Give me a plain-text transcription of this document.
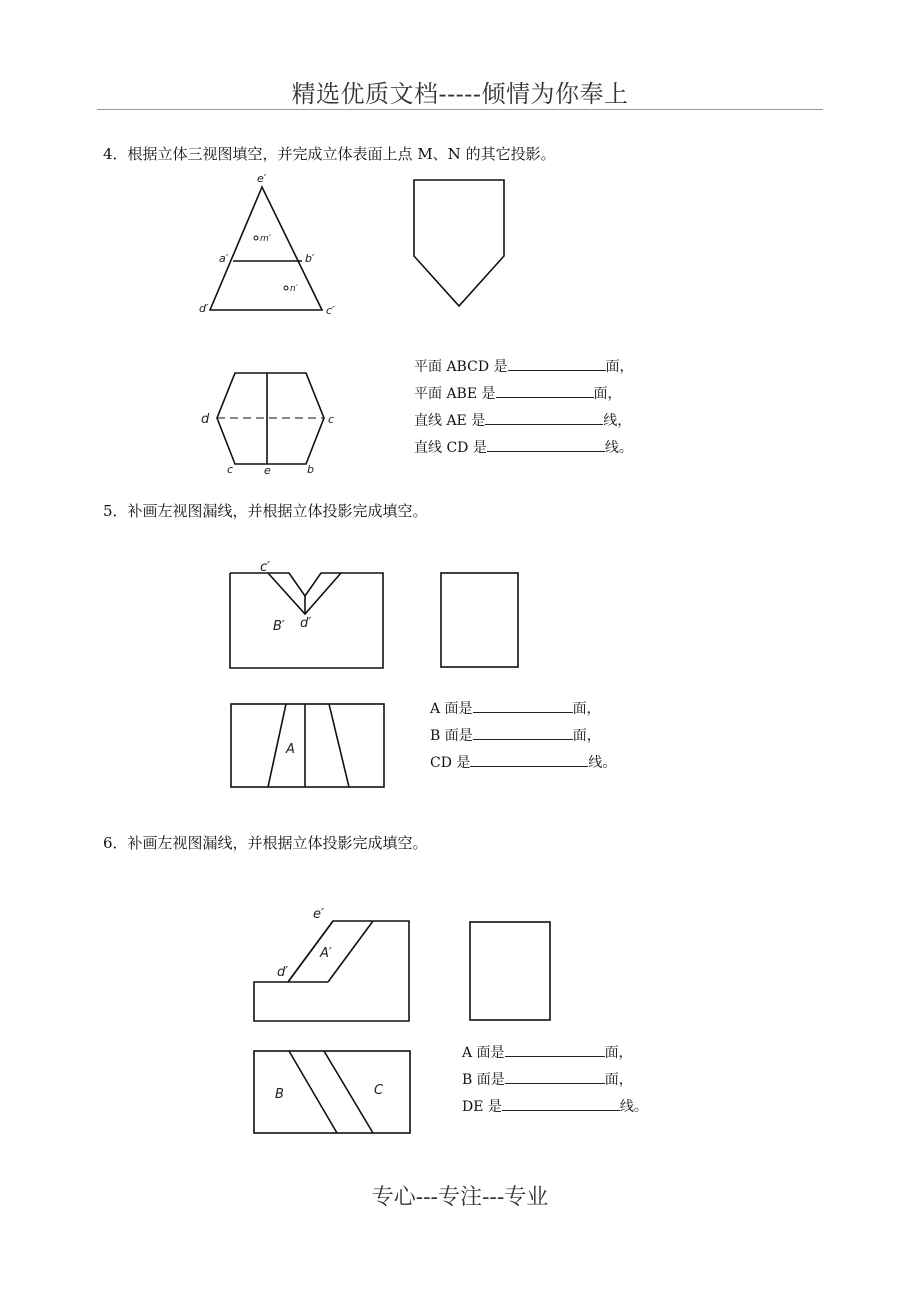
精选优质文档-----倾情为你奉上
4．根据立体三视图填空，并完成立体表面上点 M、N 的其它投影。
e′
a′	b′
d′	c′
m′
n′
d	c
c	e	b
c′
B′ d′
A
e′
A′
d′
B	C
平面 ABCD 是	面，
平面 ABE 是	面，
直线 AE 是	线，
直线 CD 是	线。
5．补画左视图漏线，并根据立体投影完成填空。
A 面是	面，
B 面是	面，
CD 是	线。
6．补画左视图漏线，并根据立体投影完成填空。
A 面是	面，
B 面是	面，
DE 是	线。
专心---专注---专业
